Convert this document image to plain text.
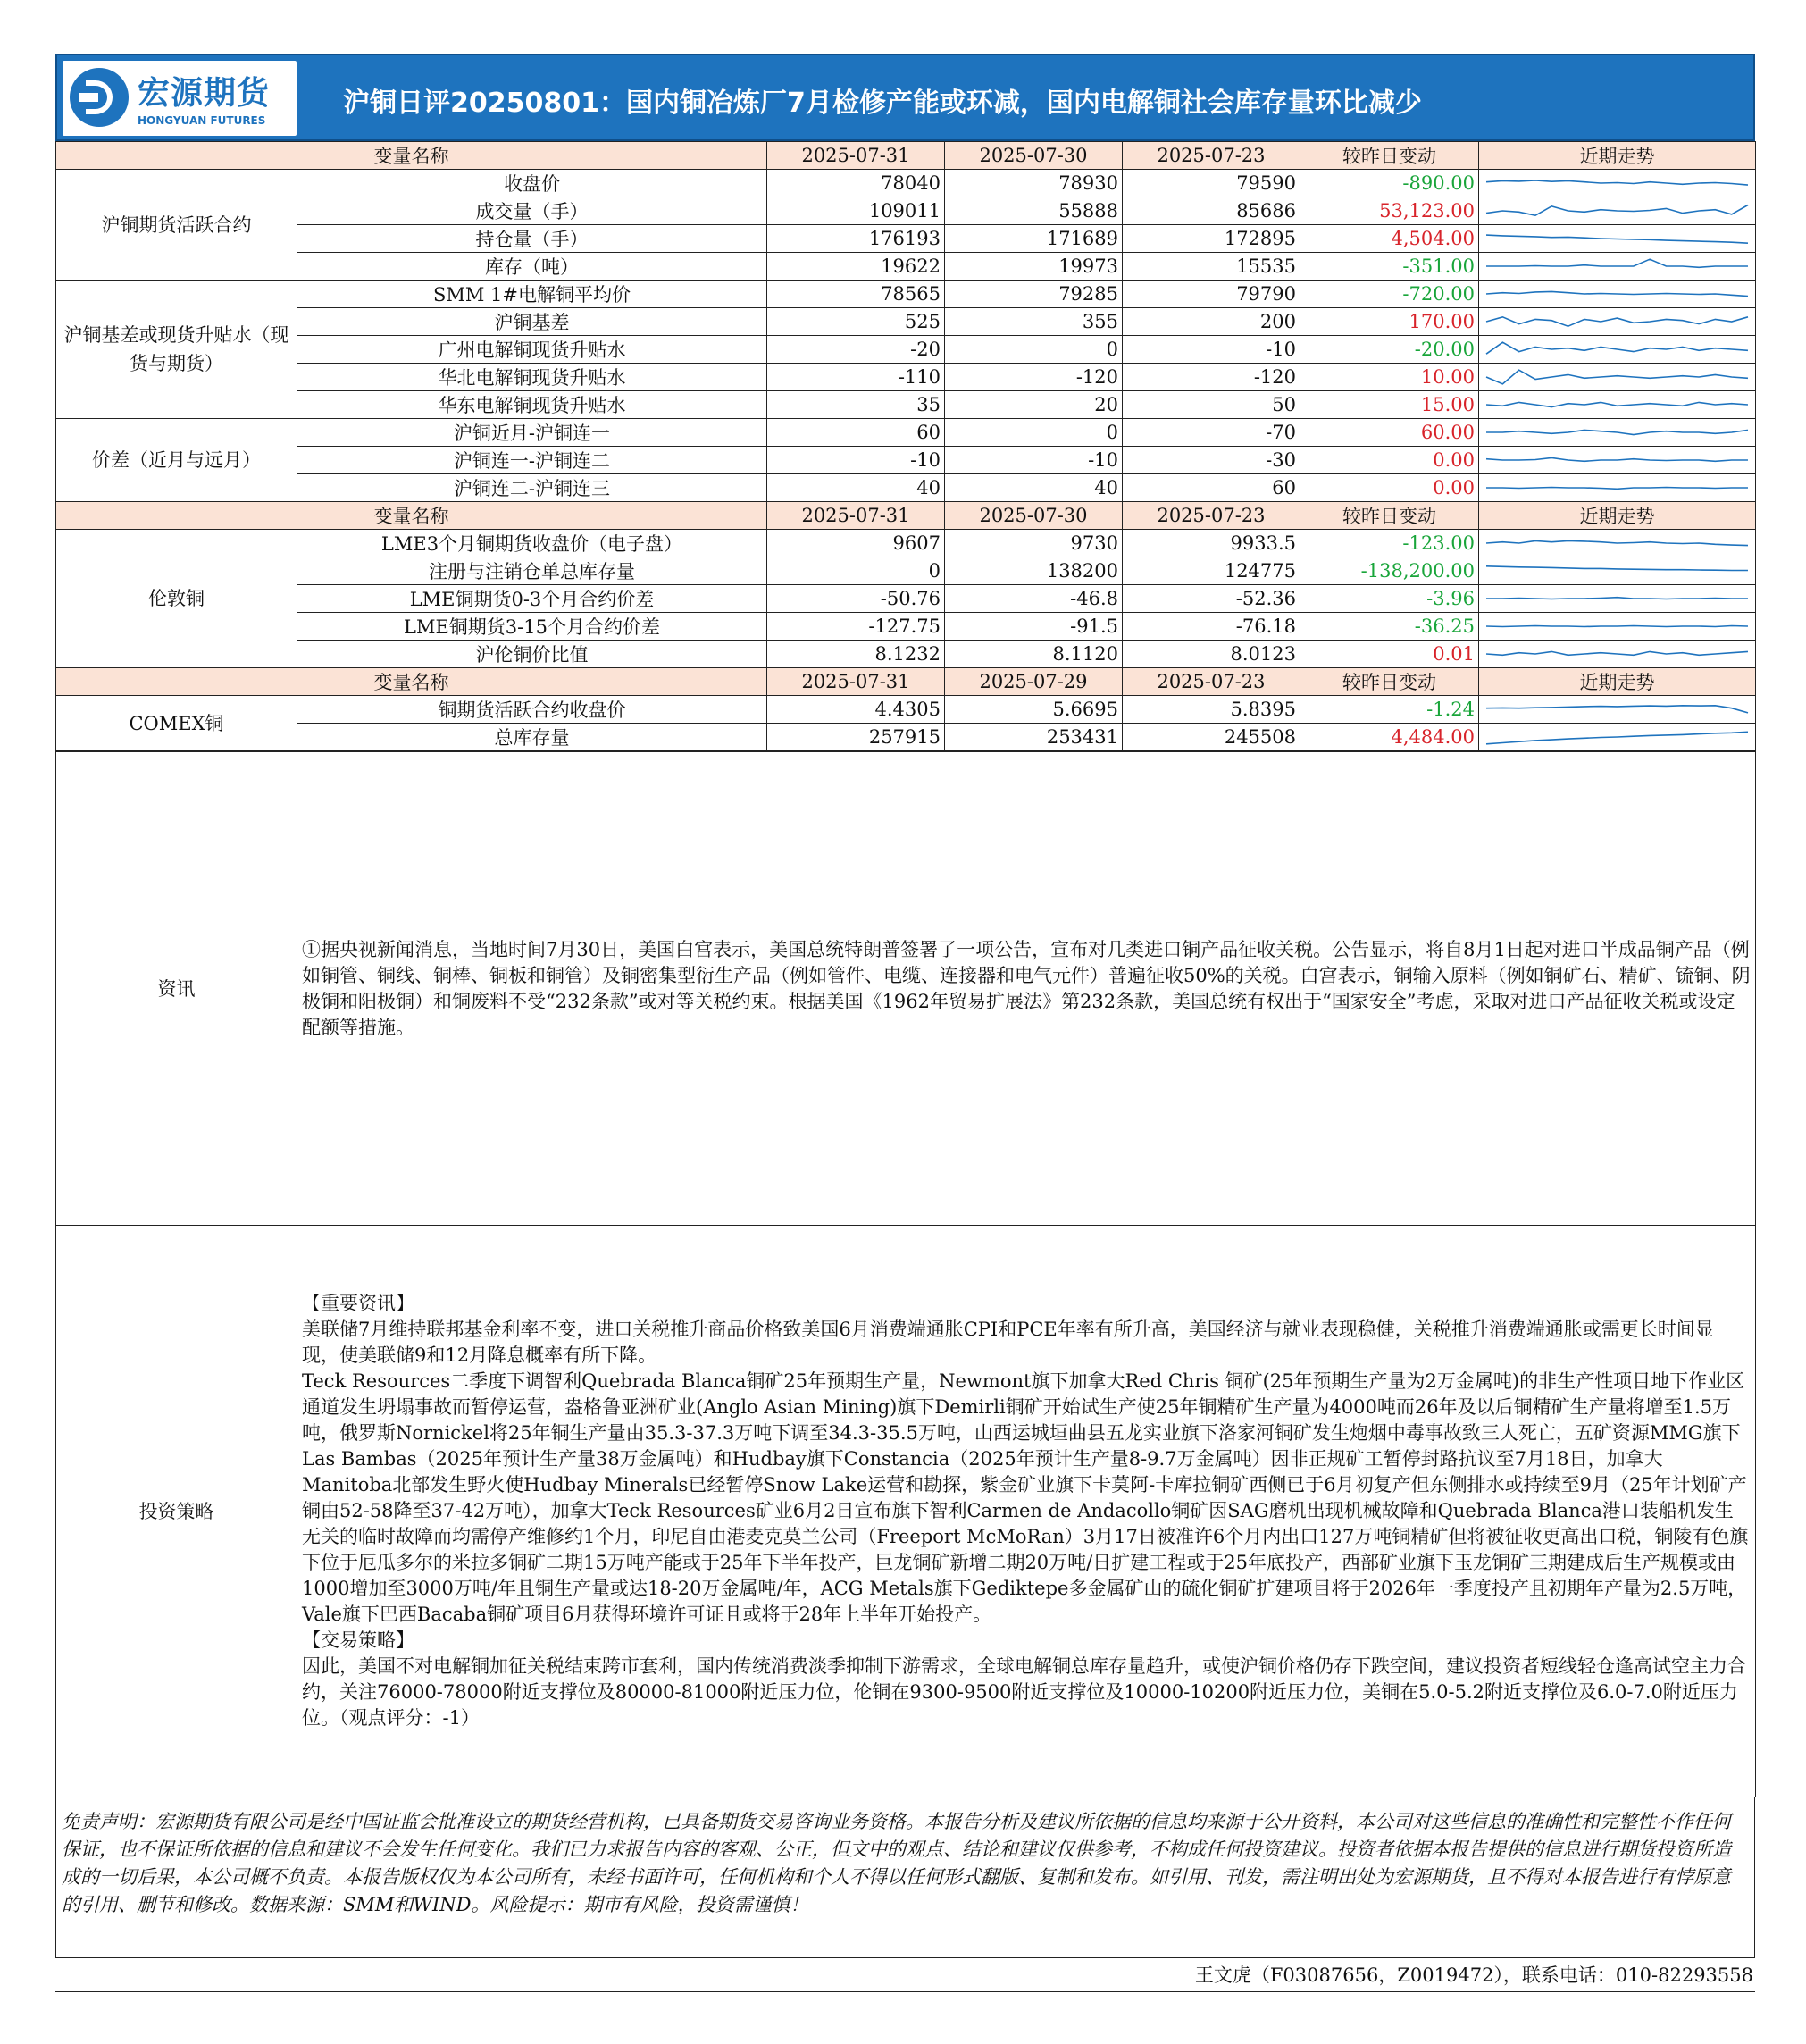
宏源期货
HONGYUAN FUTURES
沪铜日评20250801：国内铜冶炼厂7月检修产能或环减，国内电解铜社会库存量环比减少
变量名称		2025-07-31	2025-07-30	2025-07-23	较昨日变动	近期走势
沪铜期货活跃合约	收盘价	78040	78930	79590	-890.00	

	成交量（手）	109011	55888	85686	53,123.00	

	持仓量（手）	176193	171689	172895	4,504.00	

	库存（吨）	19622	19973	15535	-351.00	

沪铜基差或现货升贴水（现货与期货）	SMM 1#电解铜平均价	78565	79285	79790	-720.00	

	沪铜基差	525	355	200	170.00	

	广州电解铜现货升贴水	-20	0	-10	-20.00	

	华北电解铜现货升贴水	-110	-120	-120	10.00	

	华东电解铜现货升贴水	35	20	50	15.00	

价差（近月与远月）	沪铜近月-沪铜连一	60	0	-70	60.00	

	沪铜连一-沪铜连二	-10	-10	-30	0.00	

	沪铜连二-沪铜连三	40	40	60	0.00	

变量名称		2025-07-31	2025-07-30	2025-07-23	较昨日变动	近期走势
伦敦铜	LME3个月铜期货收盘价（电子盘）	9607	9730	9933.5	-123.00	

	注册与注销仓单总库存量	0	138200	124775	-138,200.00	

	LME铜期货0-3个月合约价差	-50.76	-46.8	-52.36	-3.96	

	LME铜期货3-15个月合约价差	-127.75	-91.5	-76.18	-36.25	

	沪伦铜价比值	8.1232	8.1120	8.0123	0.01	

变量名称		2025-07-31	2025-07-29	2025-07-23	较昨日变动	近期走势
COMEX铜	铜期货活跃合约收盘价	4.4305	5.6695	5.8395	-1.24	

	总库存量	257915	253431	245508	4,484.00	
资讯	①据央视新闻消息，当地时间7月30日，美国白宫表示，美国总统特朗普签署了一项公告，宣布对几类进口铜产品征收关税。公告显示，将自8月1日起对进口半成品铜产品（例如铜管、铜线、铜棒、铜板和铜管）及铜密集型衍生产品（例如管件、电缆、连接器和电气元件）普遍征收50%的关税。白宫表示，铜输入原料（例如铜矿石、精矿、锍铜、阴极铜和阳极铜）和铜废料不受“232条款”或对等关税约束。根据美国《1962年贸易扩展法》第232条款，美国总统有权出于“国家安全”考虑，采取对进口产品征收关税或设定配额等措施。

投资策略	【重要资讯】
美联储7月维持联邦基金利率不变，进口关税推升商品价格致美国6月消费端通胀CPI和PCE年率有所升高，美国经济与就业表现稳健，关税推升消费端通胀或需更长时间显现，使美联储9和12月降息概率有所下降。
Teck Resources二季度下调智利Quebrada Blanca铜矿25年预期生产量，Newmont旗下加拿大Red Chris 铜矿(25年预期生产量为2万金属吨)的非生产性项目地下作业区通道发生坍塌事故而暂停运营，盎格鲁亚洲矿业(Anglo Asian Mining)旗下Demirli铜矿开始试生产使25年铜精矿生产量为4000吨而26年及以后铜精矿生产量将增至1.5万吨，俄罗斯Nornickel将25年铜生产量由35.3-37.3万吨下调至34.3-35.5万吨，山西运城垣曲县五龙实业旗下洛家河铜矿发生炮烟中毒事故致三人死亡，五矿资源MMG旗下Las Bambas（2025年预计生产量38万金属吨）和Hudbay旗下Constancia（2025年预计生产量8-9.7万金属吨）因非正规矿工暂停封路抗议至7月18日，加拿大Manitoba北部发生野火使Hudbay Minerals已经暂停Snow Lake运营和勘探，紫金矿业旗下卡莫阿-卡库拉铜矿西侧已于6月初复产但东侧排水或持续至9月（25年计划矿产铜由52-58降至37-42万吨），加拿大Teck Resources矿业6月2日宣布旗下智利Carmen de Andacollo铜矿因SAG磨机出现机械故障和Quebrada Blanca港口装船机发生无关的临时故障而均需停产维修约1个月，印尼自由港麦克莫兰公司（Freeport McMoRan）3月17日被准许6个月内出口127万吨铜精矿但将被征收更高出口税，铜陵有色旗下位于厄瓜多尔的米拉多铜矿二期15万吨产能或于25年下半年投产，巨龙铜矿新增二期20万吨/日扩建工程或于25年底投产，西部矿业旗下玉龙铜矿三期建成后生产规模或由1000增加至3000万吨/年且铜生产量或达18-20万金属吨/年，ACG Metals旗下Gediktepe多金属矿山的硫化铜矿扩建项目将于2026年一季度投产且初期年产量为2.5万吨，Vale旗下巴西Bacaba铜矿项目6月获得环境许可证且或将于28年上半年开始投产。
【交易策略】
因此，美国不对电解铜加征关税结束跨市套利，国内传统消费淡季抑制下游需求，全球电解铜总库存量趋升，或使沪铜价格仍存下跌空间，建议投资者短线轻仓逢高试空主力合约，关注76000-78000附近支撑位及80000-81000附近压力位，伦铜在9300-9500附近支撑位及10000-10200附近压力位，美铜在5.0-5.2附近支撑位及6.0-7.0附近压力位。（观点评分：-1）
免责声明：宏源期货有限公司是经中国证监会批准设立的期货经营机构，已具备期货交易咨询业务资格。本报告分析及建议所依据的信息均来源于公开资料，本公司对这些信息的准确性和完整性不作任何保证，也不保证所依据的信息和建议不会发生任何变化。我们已力求报告内容的客观、公正，但文中的观点、结论和建议仅供参考，不构成任何投资建议。投资者依据本报告提供的信息进行期货投资所造成的一切后果，本公司概不负责。本报告版权仅为本公司所有，未经书面许可，任何机构和个人不得以任何形式翻版、复制和发布。如引用、刊发，需注明出处为宏源期货，且不得对本报告进行有悖原意的引用、删节和修改。数据来源：SMM和WIND。风险提示：期市有风险，投资需谨慎！
王文虎（F03087656，Z0019472），联系电话：010-82293558
